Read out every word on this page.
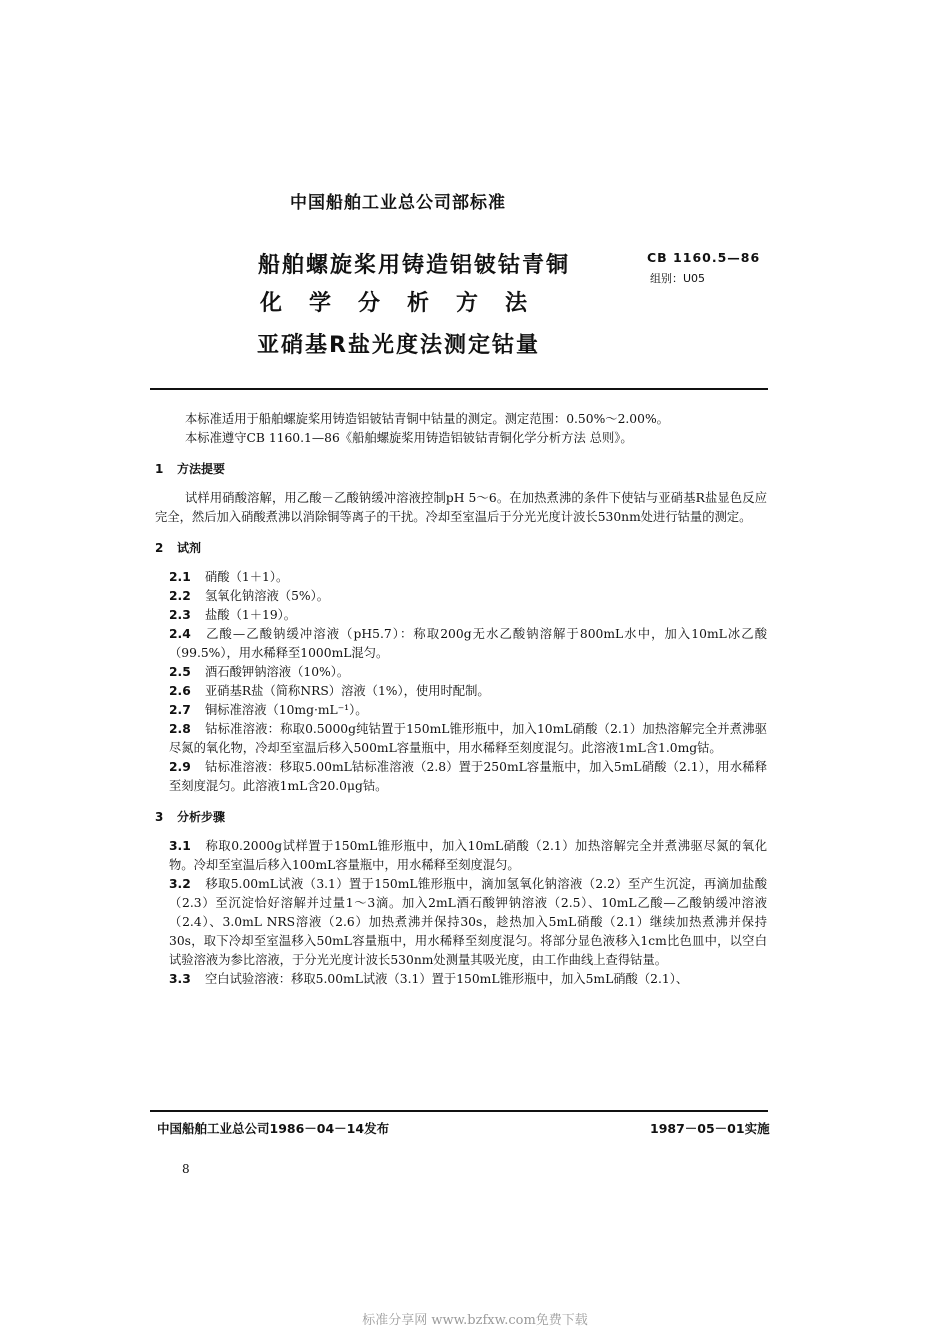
中国船舶工业总公司部标准
船舶螺旋桨用铸造铝铍钴青铜
化学分析方法
亚硝基R盐光度法测定钴量
CB 1160.5—86
组别：U05

本标准适用于船舶螺旋桨用铸造铝铍钴青铜中钴量的测定。测定范围：0.50%～2.00%。

本标准遵守CB 1160.1—86《船舶螺旋桨用铸造铝铍钴青铜化学分析方法 总则》。

1 方法提要

试样用硝酸溶解，用乙酸－乙酸钠缓冲溶液控制pH 5～6。在加热煮沸的条件下使钴与亚硝基R盐显色反应完全，然后加入硝酸煮沸以消除铜等离子的干扰。冷却至室温后于分光光度计波长530nm处进行钴量的测定。

2 试剂

2.1 硝酸（1＋1）。

2.2 氢氧化钠溶液（5%）。

2.3 盐酸（1＋19）。

2.4 乙酸—乙酸钠缓冲溶液（pH5.7）：称取200g无水乙酸钠溶解于800mL水中，加入10mL冰乙酸（99.5%），用水稀释至1000mL混匀。

2.5 酒石酸钾钠溶液（10%）。

2.6 亚硝基R盐（简称NRS）溶液（1%），使用时配制。

2.7 铜标准溶液（10mg·mL⁻¹）。

2.8 钴标准溶液：称取0.5000g纯钴置于150mL锥形瓶中，加入10mL硝酸（2.1）加热溶解完全并煮沸驱尽氮的氧化物，冷却至室温后移入500mL容量瓶中，用水稀释至刻度混匀。此溶液1mL含1.0mg钴。

2.9 钴标准溶液：移取5.00mL钴标准溶液（2.8）置于250mL容量瓶中，加入5mL硝酸（2.1），用水稀释至刻度混匀。此溶液1mL含20.0μg钴。

3 分析步骤

3.1 称取0.2000g试样置于150mL锥形瓶中，加入10mL硝酸（2.1）加热溶解完全并煮沸驱尽氮的氧化物。冷却至室温后移入100mL容量瓶中，用水稀释至刻度混匀。

3.2 移取5.00mL试液（3.1）置于150mL锥形瓶中，滴加氢氧化钠溶液（2.2）至产生沉淀，再滴加盐酸（2.3）至沉淀恰好溶解并过量1～3滴。加入2mL酒石酸钾钠溶液（2.5）、10mL乙酸—乙酸钠缓冲溶液（2.4）、3.0mL NRS溶液（2.6）加热煮沸并保持30s，趁热加入5mL硝酸（2.1）继续加热煮沸并保持30s，取下冷却至室温移入50mL容量瓶中，用水稀释至刻度混匀。将部分显色液移入1cm比色皿中，以空白试验溶液为参比溶液，于分光光度计波长530nm处测量其吸光度，由工作曲线上查得钴量。

3.3 空白试验溶液：移取5.00mL试液（3.1）置于150mL锥形瓶中，加入5mL硝酸（2.1）、

中国船舶工业总公司1986－04－14发布	1987－05－01实施
8
标准分享网 www.bzfxw.com免费下载
